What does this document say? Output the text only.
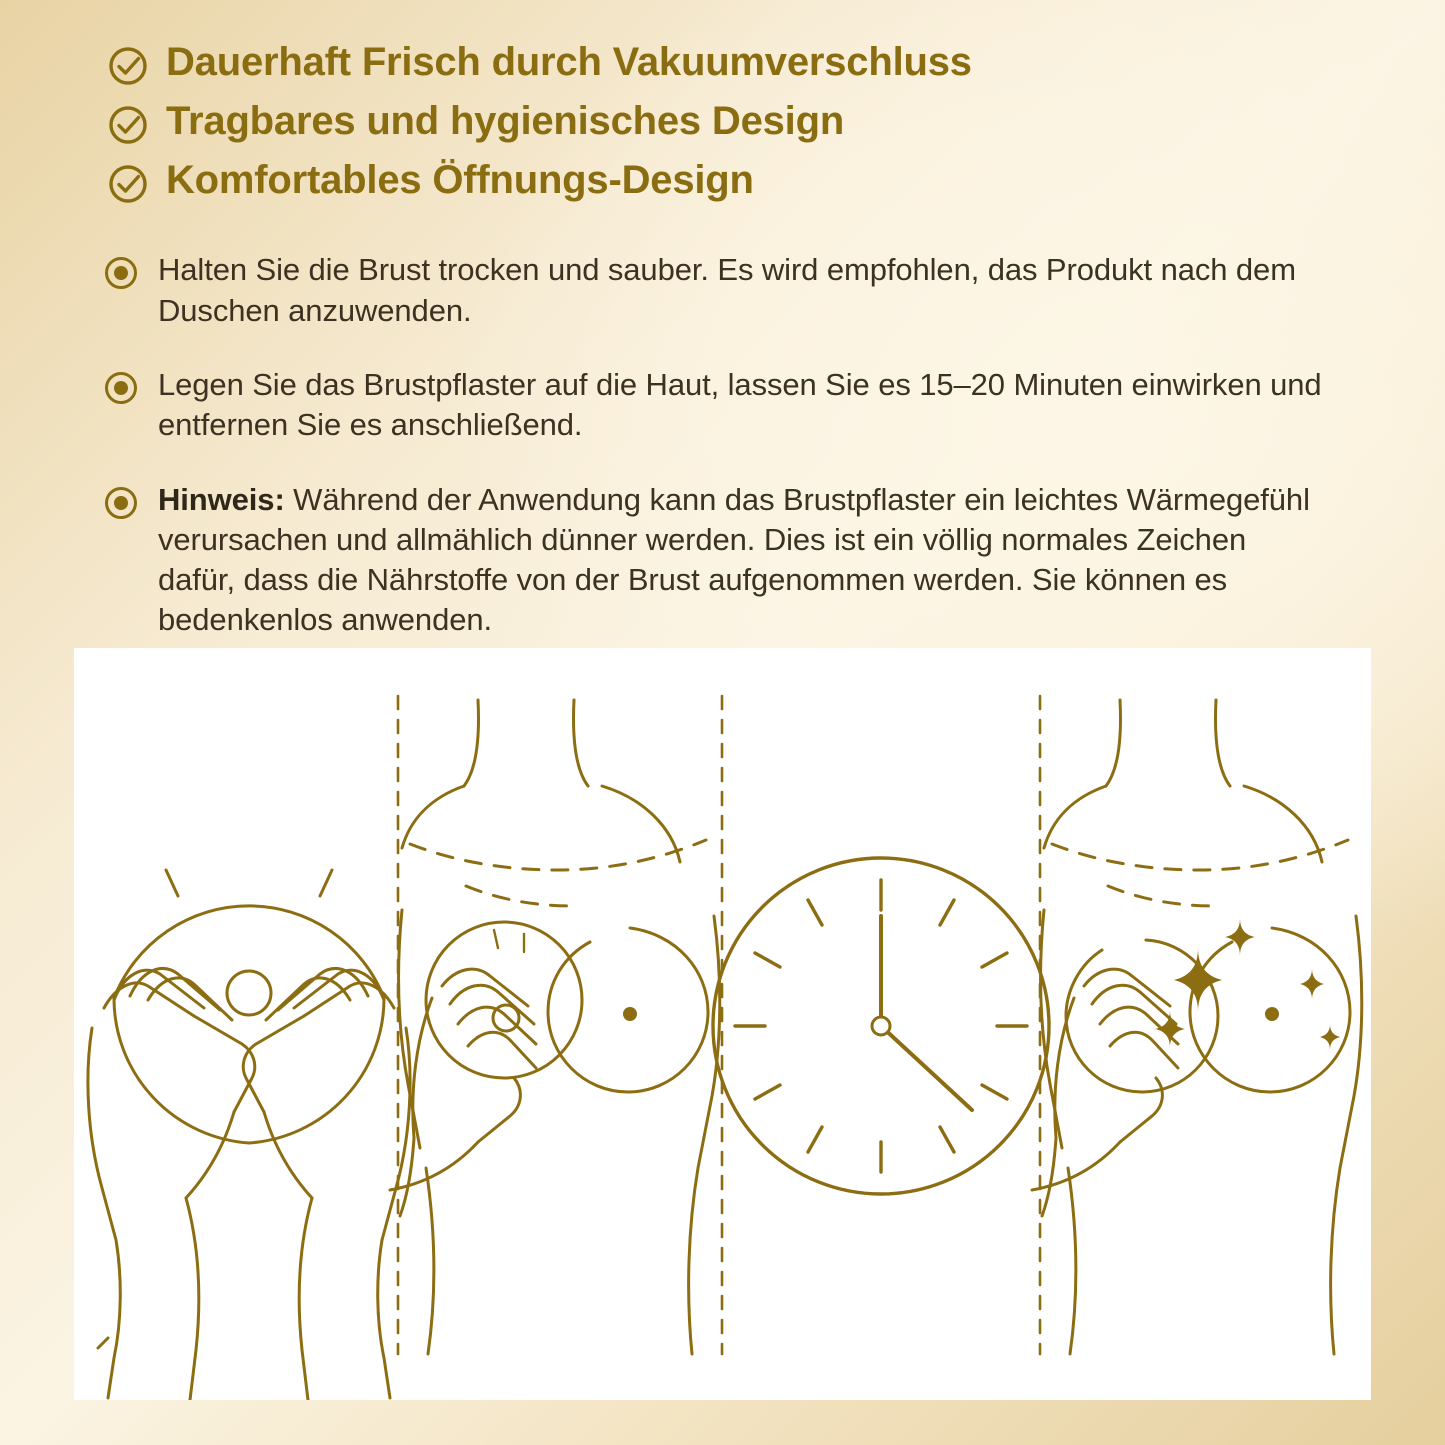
Dauerhaft Frisch durch Vakuumverschluss
Tragbares und hygienisches Design
Komfortables Öffnungs-Design
Halten Sie die Brust trocken und sauber. Es wird empfohlen, das Produkt nach dem Duschen anzuwenden.
Legen Sie das Brustpflaster auf die Haut, lassen Sie es 15–20 Minuten einwirken und entfernen Sie es anschließend.
Hinweis: Während der Anwendung kann das Brustpflaster ein leichtes Wärmegefühl verursachen und allmählich dünner werden. Dies ist ein völlig normales Zeichen dafür, dass die Nährstoffe von der Brust aufgenommen werden. Sie können es bedenkenlos anwenden.
